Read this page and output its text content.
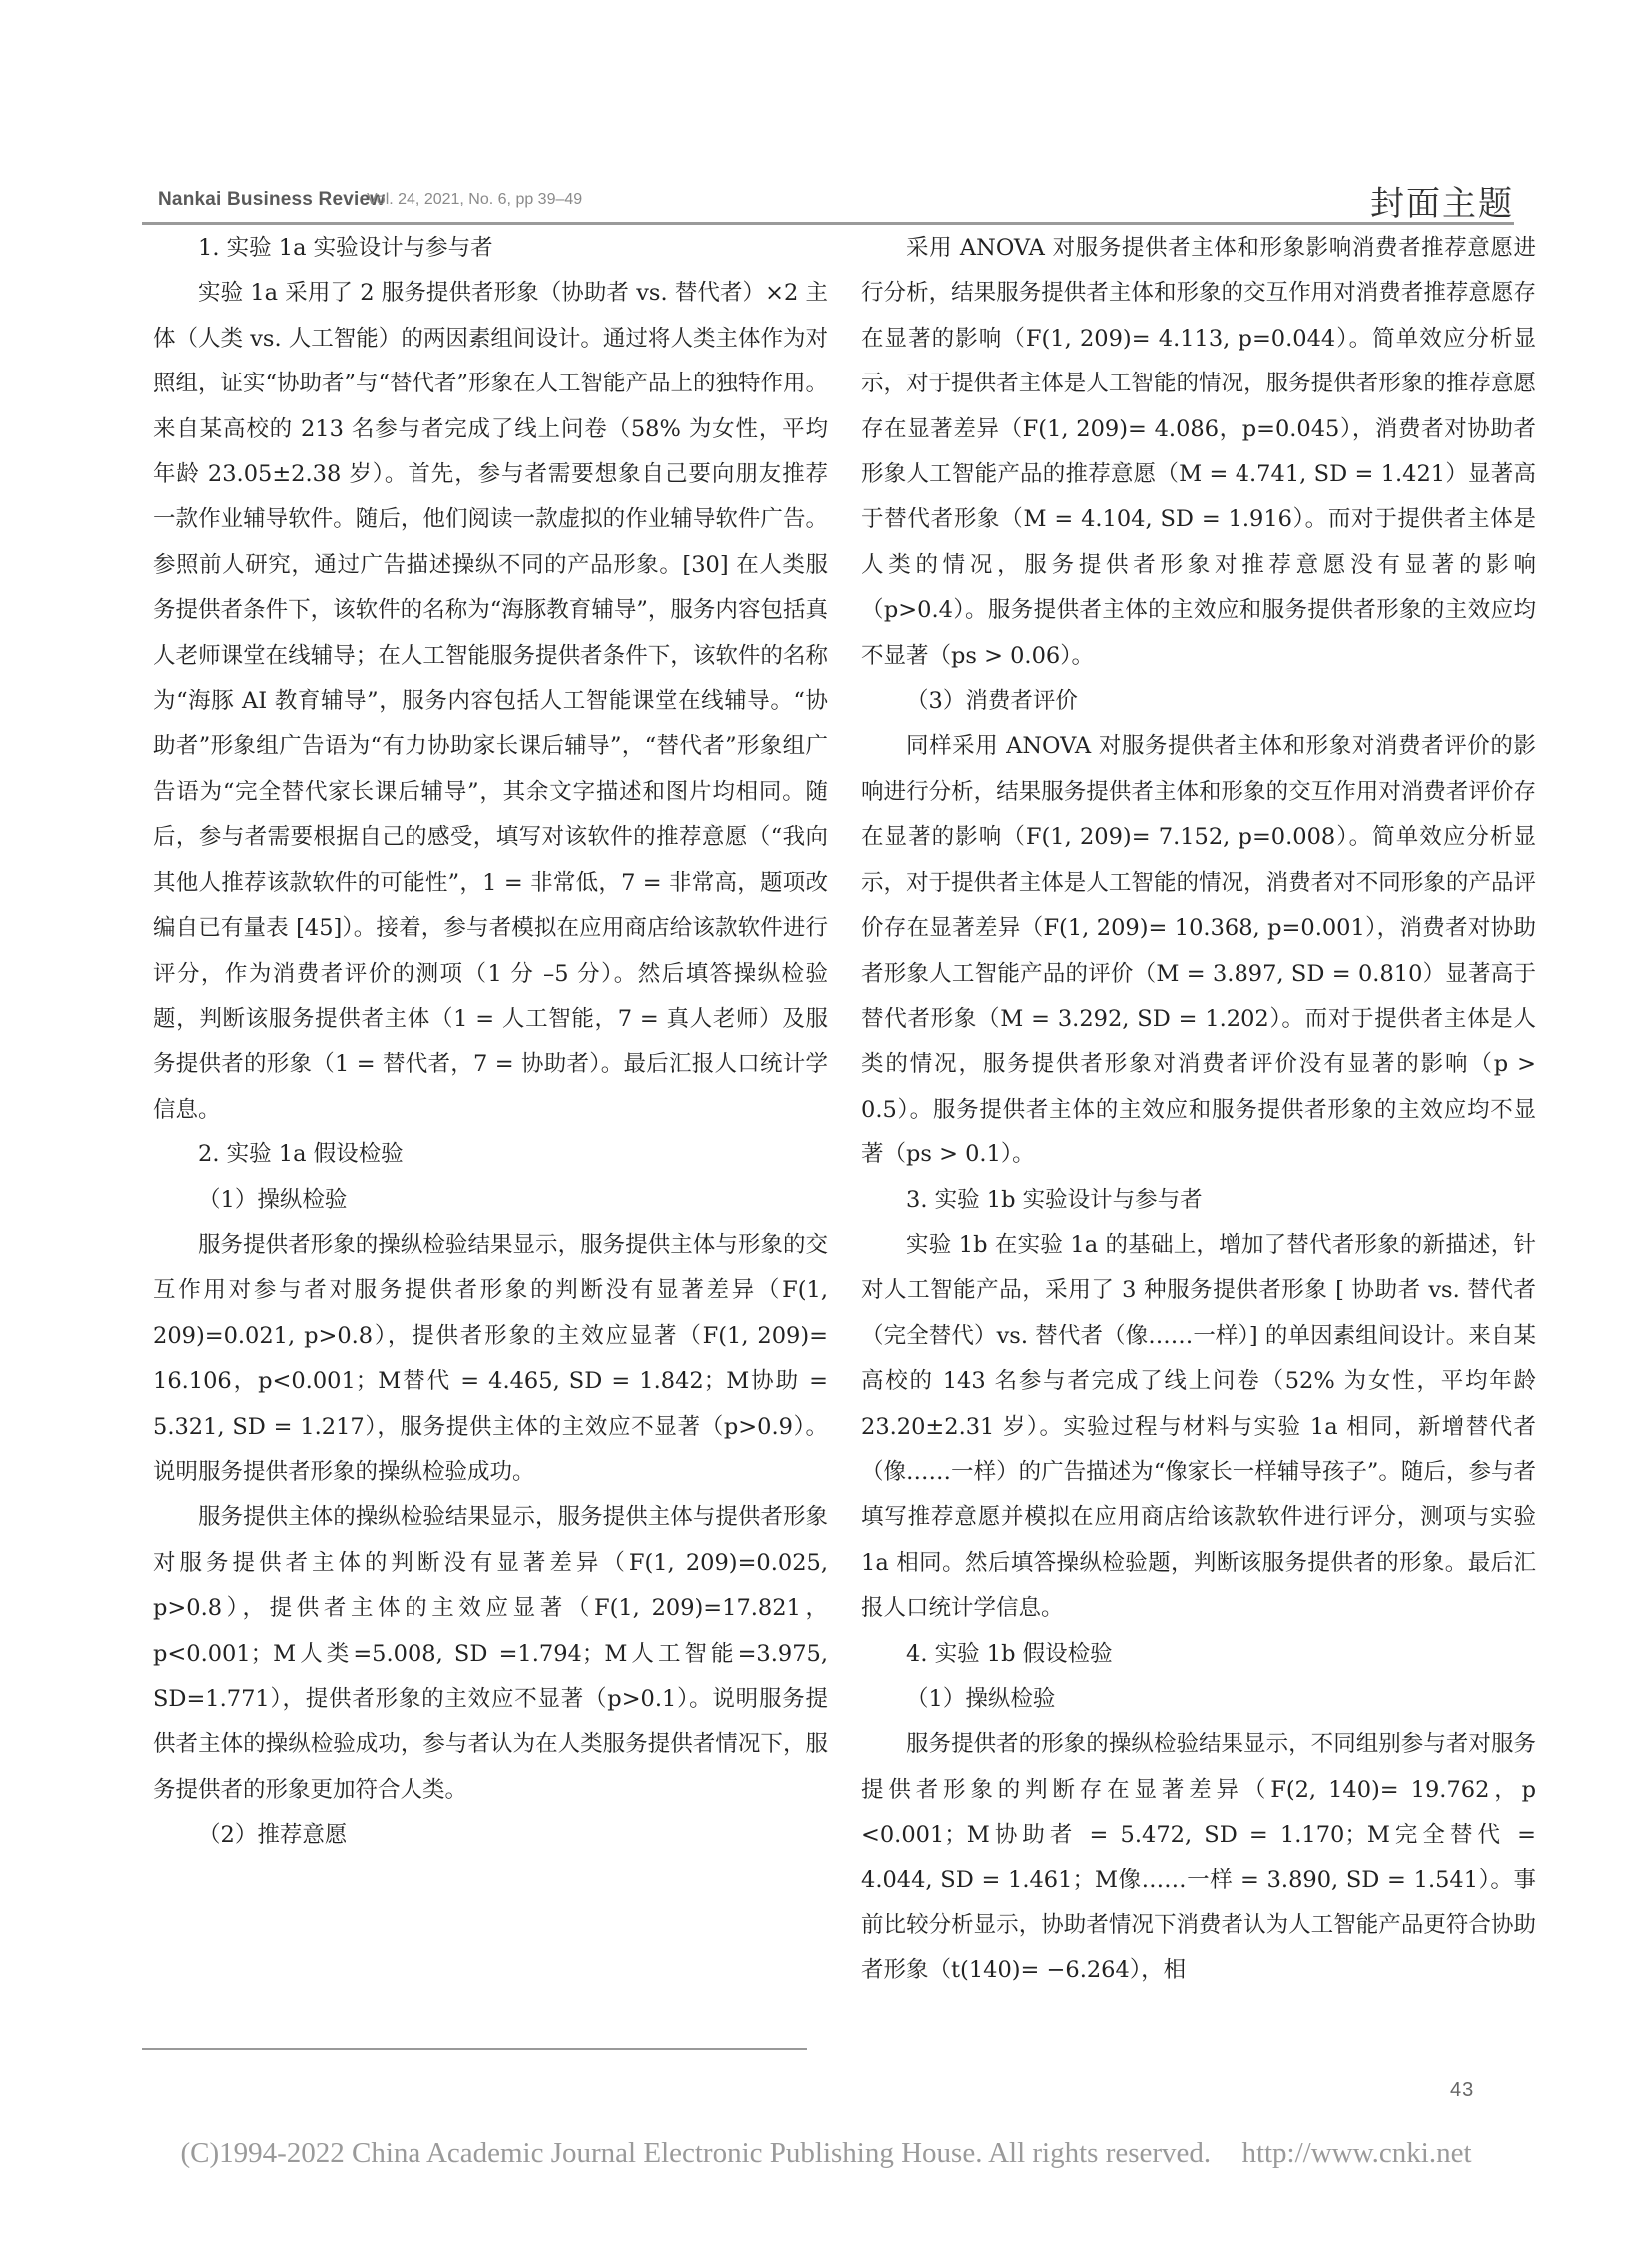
Nankai Business Review
Vol. 24, 2021, No. 6, pp 39–49	封面主题

1. 实验 1a 实验设计与参与者

实验 1a 采用了 2 服务提供者形象（协助者 vs. 替代者）×2 主体（人类 vs. 人工智能）的两因素组间设计。通过将人类主体作为对照组，证实“协助者”与“替代者”形象在人工智能产品上的独特作用。来自某高校的 213 名参与者完成了线上问卷（58% 为女性，平均年龄 23.05±2.38 岁）。首先，参与者需要想象自己要向朋友推荐一款作业辅导软件。随后，他们阅读一款虚拟的作业辅导软件广告。参照前人研究，通过广告描述操纵不同的产品形象。[30] 在人类服务提供者条件下，该软件的名称为“海豚教育辅导”，服务内容包括真人老师课堂在线辅导；在人工智能服务提供者条件下，该软件的名称为“海豚 AI 教育辅导”，服务内容包括人工智能课堂在线辅导。“协助者”形象组广告语为“有力协助家长课后辅导”，“替代者”形象组广告语为“完全替代家长课后辅导”，其余文字描述和图片均相同。随后，参与者需要根据自己的感受，填写对该软件的推荐意愿（“我向其他人推荐该款软件的可能性”，1 = 非常低，7 = 非常高，题项改编自已有量表 [45]）。接着，参与者模拟在应用商店给该款软件进行评分，作为消费者评价的测项（1 分 –5 分）。然后填答操纵检验题，判断该服务提供者主体（1 = 人工智能，7 = 真人老师）及服务提供者的形象（1 = 替代者，7 = 协助者）。最后汇报人口统计学信息。

2. 实验 1a 假设检验

（1）操纵检验

服务提供者形象的操纵检验结果显示，服务提供主体与形象的交互作用对参与者对服务提供者形象的判断没有显著差异（F(1, 209)=0.021, p>0.8），提供者形象的主效应显著（F(1, 209)= 16.106，p<0.001；M替代 = 4.465, SD = 1.842；M协助 = 5.321, SD = 1.217），服务提供主体的主效应不显著（p>0.9）。说明服务提供者形象的操纵检验成功。

服务提供主体的操纵检验结果显示，服务提供主体与提供者形象对服务提供者主体的判断没有显著差异（F(1, 209)=0.025, p>0.8），提供者主体的主效应显著（F(1, 209)=17.821，p<0.001；M人类=5.008, SD =1.794；M人工智能=3.975, SD=1.771），提供者形象的主效应不显著（p>0.1）。说明服务提供者主体的操纵检验成功，参与者认为在人类服务提供者情况下，服务提供者的形象更加符合人类。

（2）推荐意愿

采用 ANOVA 对服务提供者主体和形象影响消费者推荐意愿进行分析，结果服务提供者主体和形象的交互作用对消费者推荐意愿存在显著的影响（F(1, 209)= 4.113, p=0.044）。简单效应分析显示，对于提供者主体是人工智能的情况，服务提供者形象的推荐意愿存在显著差异（F(1, 209)= 4.086，p=0.045），消费者对协助者形象人工智能产品的推荐意愿（M = 4.741, SD = 1.421）显著高于替代者形象（M = 4.104, SD = 1.916）。而对于提供者主体是人类的情况，服务提供者形象对推荐意愿没有显著的影响（p>0.4）。服务提供者主体的主效应和服务提供者形象的主效应均不显著（ps > 0.06）。

（3）消费者评价

同样采用 ANOVA 对服务提供者主体和形象对消费者评价的影响进行分析，结果服务提供者主体和形象的交互作用对消费者评价存在显著的影响（F(1, 209)= 7.152, p=0.008）。简单效应分析显示，对于提供者主体是人工智能的情况，消费者对不同形象的产品评价存在显著差异（F(1, 209)= 10.368, p=0.001），消费者对协助者形象人工智能产品的评价（M = 3.897, SD = 0.810）显著高于替代者形象（M = 3.292, SD = 1.202）。而对于提供者主体是人类的情况，服务提供者形象对消费者评价没有显著的影响（p > 0.5）。服务提供者主体的主效应和服务提供者形象的主效应均不显著（ps > 0.1）。

3. 实验 1b 实验设计与参与者

实验 1b 在实验 1a 的基础上，增加了替代者形象的新描述，针对人工智能产品，采用了 3 种服务提供者形象 [ 协助者 vs. 替代者（完全替代）vs. 替代者（像……一样）] 的单因素组间设计。来自某高校的 143 名参与者完成了线上问卷（52% 为女性，平均年龄 23.20±2.31 岁）。实验过程与材料与实验 1a 相同，新增替代者（像……一样）的广告描述为“像家长一样辅导孩子”。随后，参与者填写推荐意愿并模拟在应用商店给该款软件进行评分，测项与实验 1a 相同。然后填答操纵检验题，判断该服务提供者的形象。最后汇报人口统计学信息。

4. 实验 1b 假设检验

（1）操纵检验

服务提供者的形象的操纵检验结果显示，不同组别参与者对服务提供者形象的判断存在显著差异（F(2, 140)= 19.762，p <0.001；M协助者 = 5.472, SD = 1.170；M完全替代 = 4.044, SD = 1.461；M像……一样 = 3.890, SD = 1.541）。事前比较分析显示，协助者情况下消费者认为人工智能产品更符合协助者形象（t(140)= −6.264），相

43
(C)1994-2022 China Academic Journal Electronic Publishing House. All rights reserved. http://www.cnki.net
